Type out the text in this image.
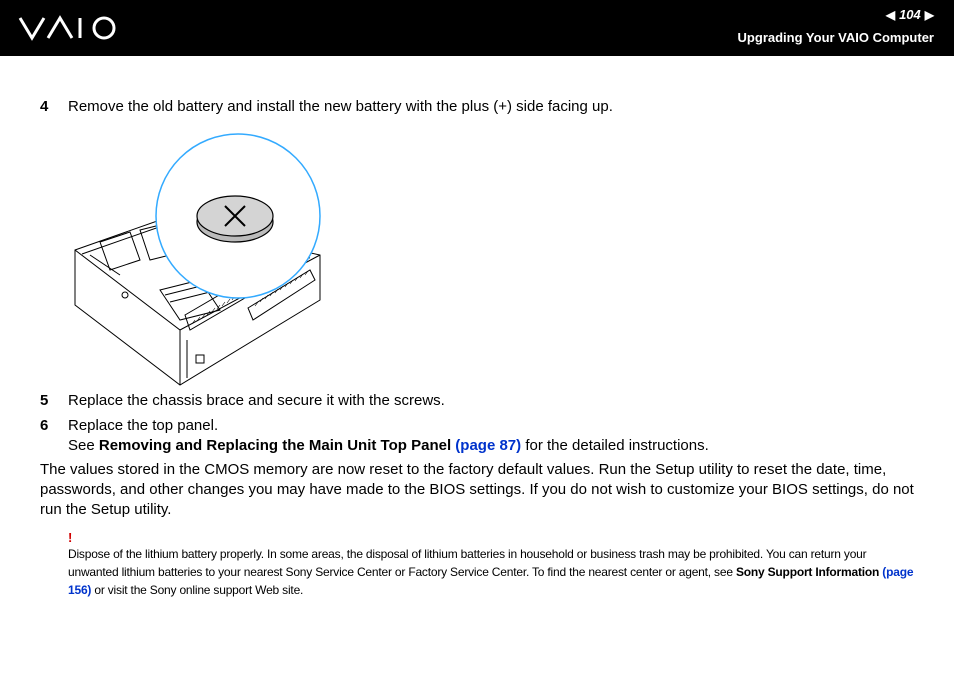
◀ 104 ▶
Upgrading Your VAIO Computer
4	Remove the old battery and install the new battery with the plus (+) side facing up.
5	Replace the chassis brace and secure it with the screws.
6	Replace the top panel.
See Removing and Replacing the Main Unit Top Panel (page 87) for the detailed instructions.
The values stored in the CMOS memory are now reset to the factory default values. Run the Setup utility to reset the date, time, passwords, and other changes you may have made to the BIOS settings. If you do not wish to customize your BIOS settings, do not run the Setup utility.
!
Dispose of the lithium battery properly. In some areas, the disposal of lithium batteries in household or business trash may be prohibited. You can return your unwanted lithium batteries to your nearest Sony Service Center or Factory Service Center. To find the nearest center or agent, see Sony Support Information (page 156) or visit the Sony online support Web site.
